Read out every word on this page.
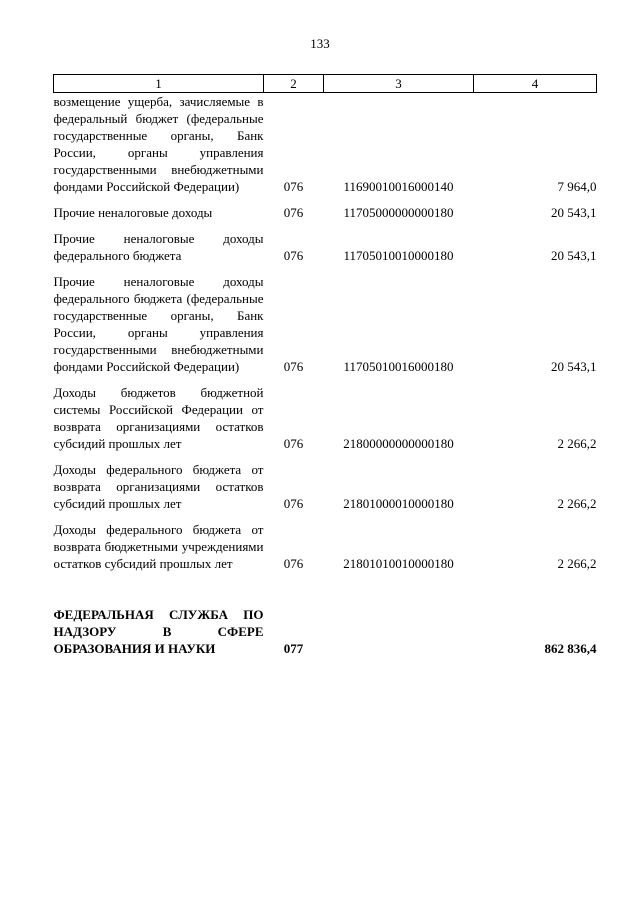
133
1	2	3	4
возмещение ущерба, зачисляемые в федеральный бюджет (федеральные государственные органы, Банк России, органы управления государственными внебюджетными фондами Российской Федерации)	076	11690010016000140	7 964,0
Прочие неналоговые доходы	076	11705000000000180	20 543,1
Прочие неналоговые доходы федерального бюджета	076	11705010010000180	20 543,1
Прочие неналоговые доходы федерального бюджета (федеральные государственные органы, Банк России, органы управления государственными внебюджетными фондами Российской Федерации)	076	11705010016000180	20 543,1
Доходы бюджетов бюджетной системы Российской Федерации от возврата организациями остатков субсидий прошлых лет	076	21800000000000180	2 266,2
Доходы федерального бюджета от возврата организациями остатков субсидий прошлых лет	076	21801000010000180	2 266,2
Доходы федерального бюджета от возврата бюджетными учреждениями остатков субсидий прошлых лет	076	21801010010000180	2 266,2
ФЕДЕРАЛЬНАЯ СЛУЖБА ПО НАДЗОРУ В СФЕРЕ ОБРАЗОВАНИЯ И НАУКИ	077		862 836,4
